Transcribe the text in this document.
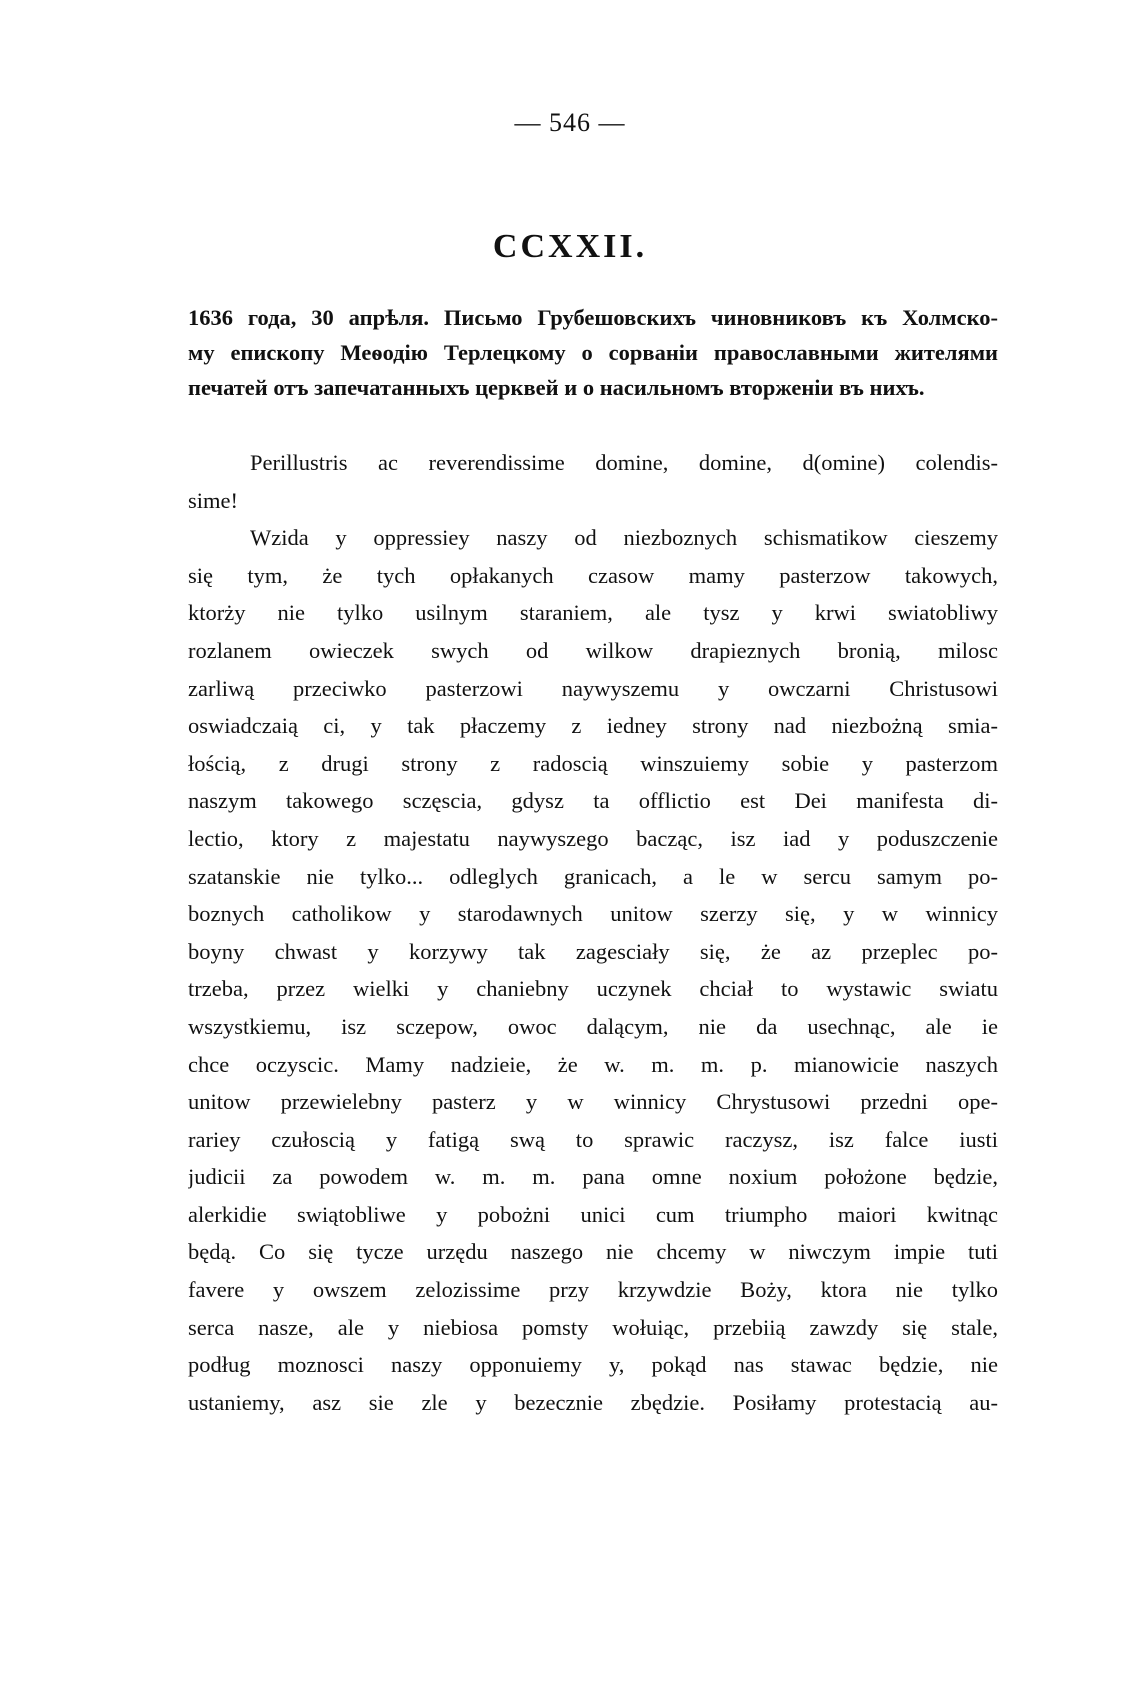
— 546 —
CCXXII.
1636 года, 30 апрѣля. Письмо Грубешовскихъ чиновниковъ къ Холмско-
му епископу Меѳодію Терлецкому о сорваніи православными жителями
печатей отъ запечатанныхъ церквей и о насильномъ вторженіи въ нихъ.
Perillustris ac reverendissime domine, domine, d(omine) colendis-
sime!
Wzida y oppressiey naszy od niezboznych schismatikow cieszemy
się tym, że tych opłakanych czasow mamy pasterzow takowych,
ktorży nie tylko usilnym staraniem, ale tysz y krwi swiatobliwy
rozlanem owieczek swych od wilkow drapieznych bronią, milosc
zarliwą przeciwko pasterzowi naywyszemu y owczarni Christusowi
oswiadczaią ci, y tak płaczemy z iedney strony nad niezbożną smia-
łością, z drugi strony z radoscią winszuiemy sobie y pasterzom
naszym takowego sczęscia, gdysz ta offlictio est Dei manifesta di-
lectio, ktory z majestatu naywyszego bacząc, isz iad y poduszczenie
szatanskie nie tylko... odleglych granicach, a le w sercu samym po-
boznych catholikow y starodawnych unitow szerzy się, y w winnicy
boyny chwast y korzywy tak zagesciały się, że az przeplec po-
trzeba, przez wielki y chaniebny uczynek chciał to wystawic swiatu
wszystkiemu, isz sczepow, owoc dalącym, nie da usechnąc, ale ie
chce oczyscic. Mamy nadzieie, że w. m. m. p. mianowicie naszych
unitow przewielebny pasterz y w winnicy Chrystusowi przedni ope-
rariey czułoscią y fatigą swą to sprawic raczysz, isz falce iusti
judicii za powodem w. m. m. pana omne noxium położone będzie,
alerkidie swiątobliwe y pobożni unici cum triumpho maiori kwitnąc
będą. Co się tycze urzędu naszego nie chcemy w niwczym impie tuti
favere y owszem zelozissime przy krzywdzie Boży, ktora nie tylko
serca nasze, ale y niebiosa pomsty wołuiąc, przebiią zawzdy się stale,
podług moznosci naszy opponuiemy y, pokąd nas stawac będzie, nie
ustaniemy, asz sie zle y bezecznie zbędzie. Posiłamy protestacią au-
